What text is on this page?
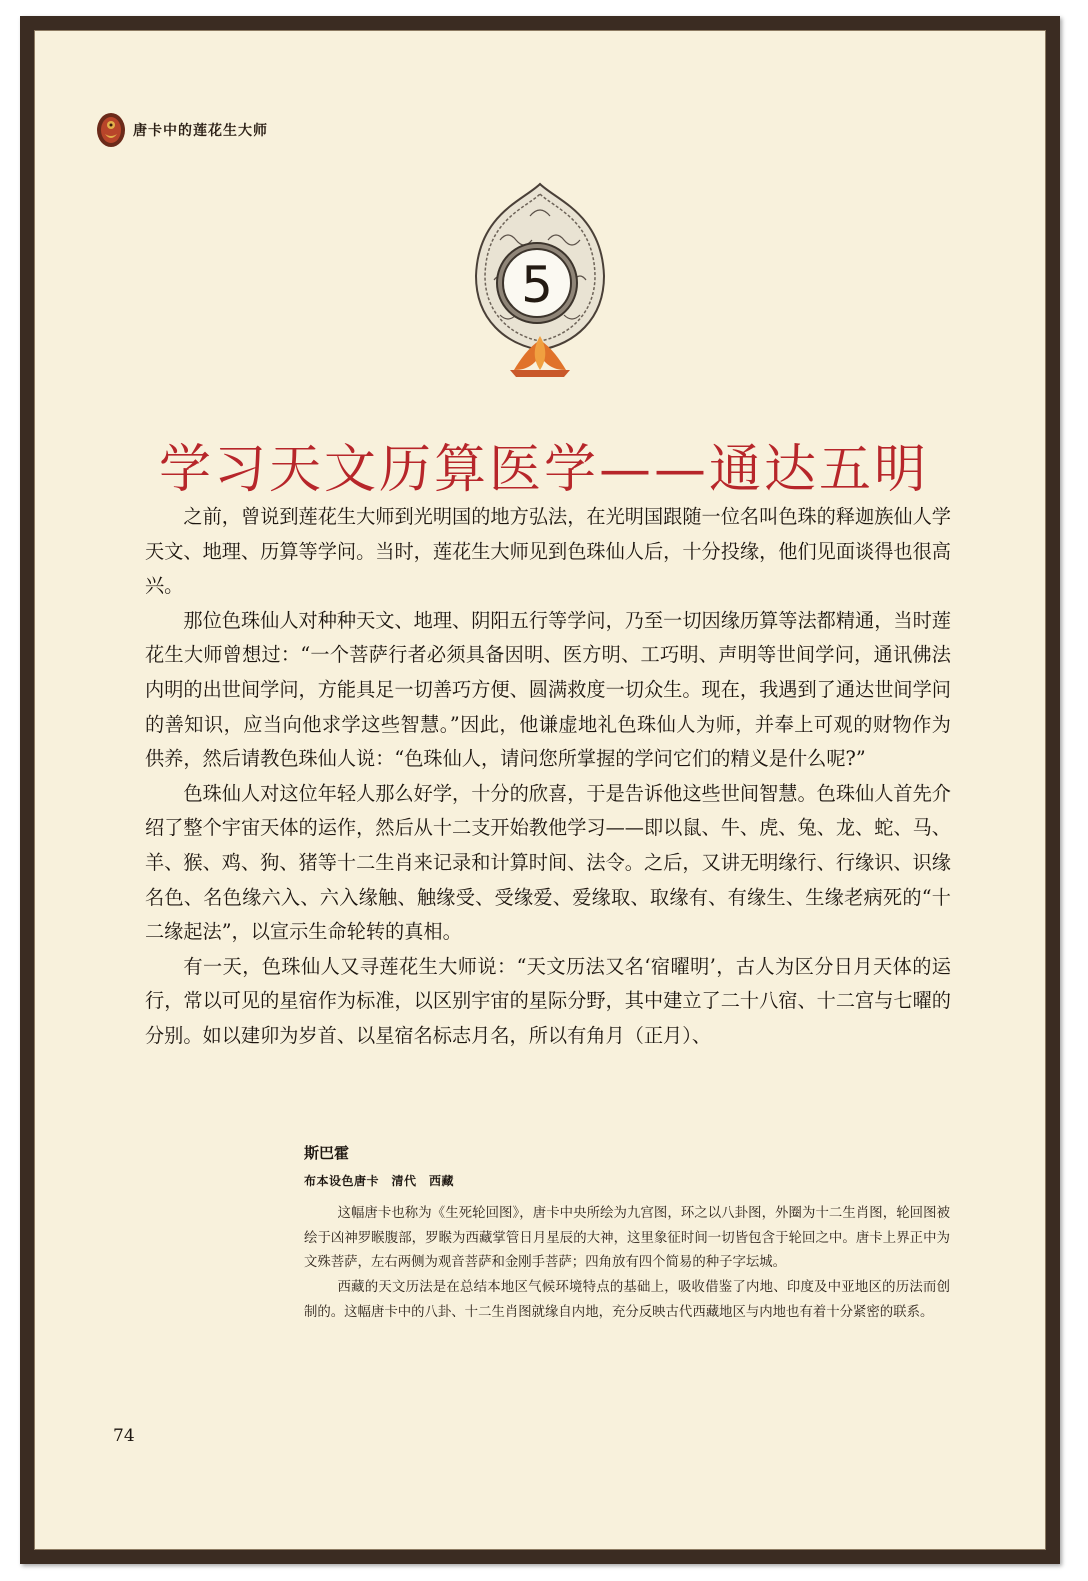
唐卡中的莲花生大师
5
学习天文历算医学——通达五明

之前，曾说到莲花生大师到光明国的地方弘法，在光明国跟随一位名叫色珠的释迦族仙人学天文、地理、历算等学问。当时，莲花生大师见到色珠仙人后，十分投缘，他们见面谈得也很高兴。

那位色珠仙人对种种天文、地理、阴阳五行等学问，乃至一切因缘历算等法都精通，当时莲花生大师曾想过：“一个菩萨行者必须具备因明、医方明、工巧明、声明等世间学问，通讯佛法内明的出世间学问，方能具足一切善巧方便、圆满救度一切众生。现在，我遇到了通达世间学问的善知识，应当向他求学这些智慧。”因此，他谦虚地礼色珠仙人为师，并奉上可观的财物作为供养，然后请教色珠仙人说：“色珠仙人，请问您所掌握的学问它们的精义是什么呢?”

色珠仙人对这位年轻人那么好学，十分的欣喜，于是告诉他这些世间智慧。色珠仙人首先介绍了整个宇宙天体的运作，然后从十二支开始教他学习——即以鼠、牛、虎、兔、龙、蛇、马、羊、猴、鸡、狗、猪等十二生肖来记录和计算时间、法令。之后，又讲无明缘行、行缘识、识缘名色、名色缘六入、六入缘触、触缘受、受缘爱、爱缘取、取缘有、有缘生、生缘老病死的“十二缘起法”，以宣示生命轮转的真相。

有一天，色珠仙人又寻莲花生大师说：“天文历法又名‘宿曜明’，古人为区分日月天体的运行，常以可见的星宿作为标准，以区别宇宙的星际分野，其中建立了二十八宿、十二宫与七曜的分别。如以建卯为岁首、以星宿名标志月名，所以有角月（正月）、

斯巴霍
布本设色唐卡　清代　西藏

这幅唐卡也称为《生死轮回图》，唐卡中央所绘为九宫图，环之以八卦图，外圈为十二生肖图，轮回图被绘于凶神罗睺腹部，罗睺为西藏掌管日月星辰的大神，这里象征时间一切皆包含于轮回之中。唐卡上界正中为文殊菩萨，左右两侧为观音菩萨和金刚手菩萨；四角放有四个简易的种子字坛城。

西藏的天文历法是在总结本地区气候环境特点的基础上，吸收借鉴了内地、印度及中亚地区的历法而创制的。这幅唐卡中的八卦、十二生肖图就缘自内地，充分反映古代西藏地区与内地也有着十分紧密的联系。

74
